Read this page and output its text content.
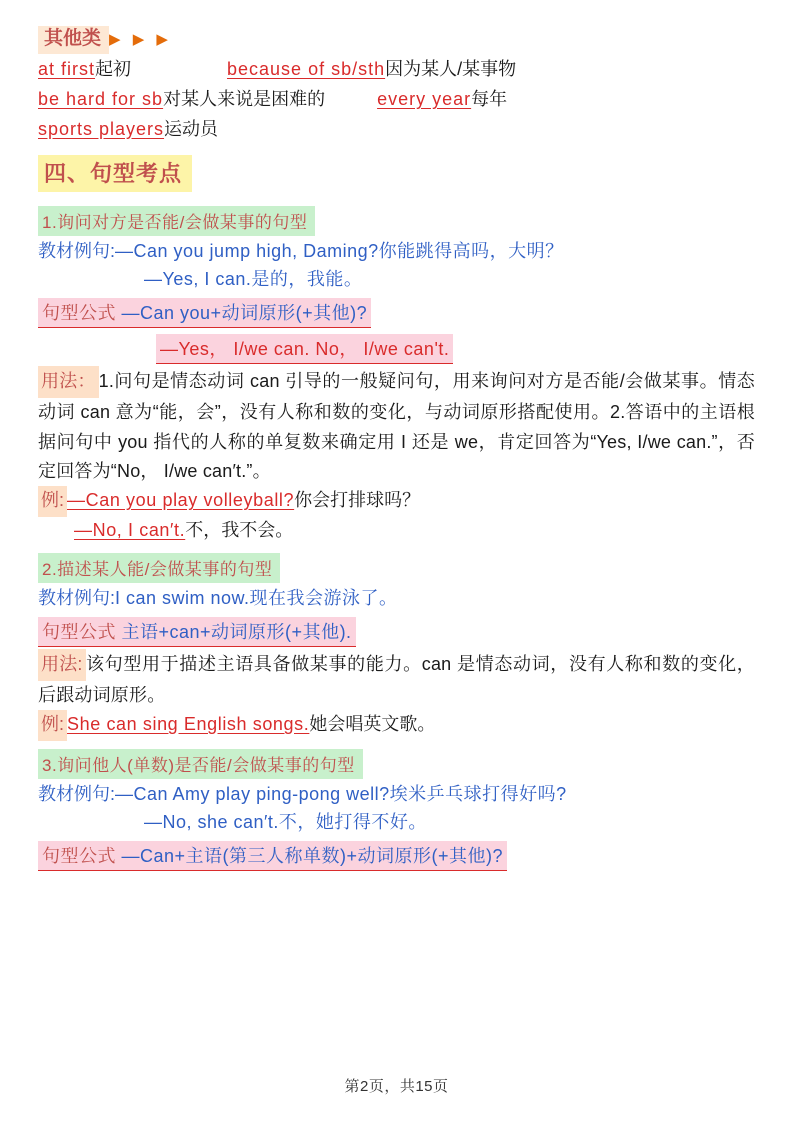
其他类 ▶ ▶ ▶
at first 起初	because of sb/sth 因为某人/某事物
be hard for sb 对某人来说是困难的	every year 每年
sports players 运动员
四、句型考点
1.询问对方是否能/会做某事的句型
教材例句: —Can you jump high, Daming?你能跳得高吗，大明？
—Yes, I can.是的，我能。
句型公式 —Can you+动词原形(+其他)?
—Yes， I/we can. No， I/we can't.
用法： 1.问句是情态动词 can 引导的一般疑问句，用来询问对方是否能/会做某事。情态动词 can 意为“能，会”，没有人称和数的变化，与动词原形搭配使用。2.答语中的主语根据问句中 you 指代的人称的单复数来确定用 I 还是 we，肯定回答为“Yes, I/we can.”，否定回答为“No， I/we can′t.”。
例: —Can you play volleyball? 你会打排球吗？
—No, I can′t. 不，我不会。
2.描述某人能/会做某事的句型
教材例句: I can swim now.现在我会游泳了。
句型公式 主语+can+动词原形(+其他).
用法: 该句型用于描述主语具备做某事的能力。can 是情态动词，没有人称和数的变化，后跟动词原形。
例: She can sing English songs. 她会唱英文歌。
3.询问他人(单数)是否能/会做某事的句型
教材例句: —Can Amy play ping-pong well?埃米乒乓球打得好吗?
—No, she can′t.不，她打得不好。
句型公式 —Can+主语(第三人称单数)+动词原形(+其他)?
第2页，共15页
